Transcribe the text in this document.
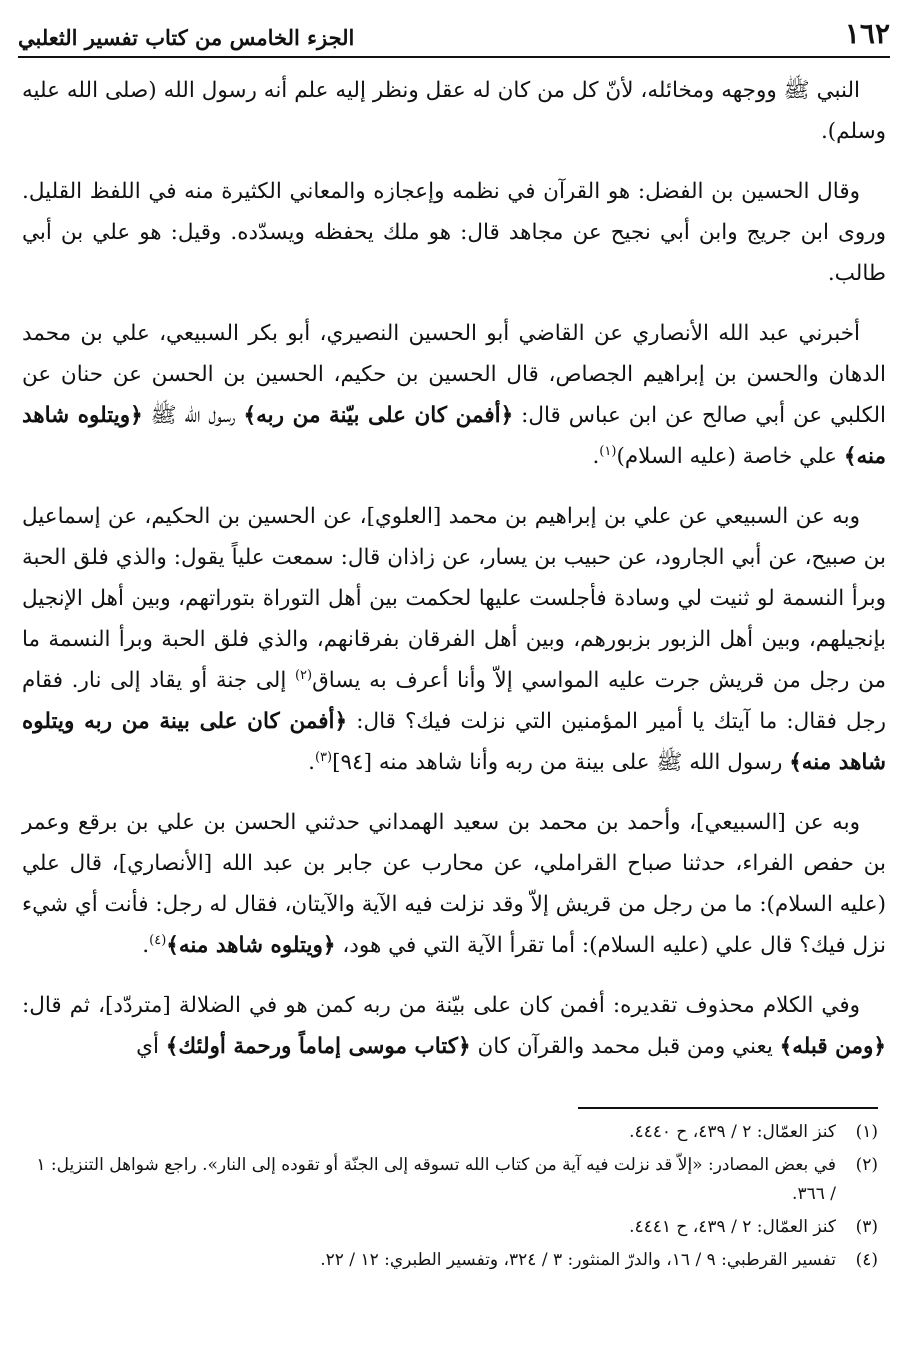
١٦٢
الجزء الخامس من كتاب تفسير الثعلبي

النبي ﷺ ووجهه ومخائله، لأنّ كل من كان له عقل ونظر إليه علم أنه رسول الله (صلى الله عليه وسلم).

وقال الحسين بن الفضل: هو القرآن في نظمه وإعجازه والمعاني الكثيرة منه في اللفظ القليل. وروى ابن جريج وابن أبي نجيح عن مجاهد قال: هو ملك يحفظه ويسدّده. وقيل: هو علي بن أبي طالب.

أخبرني عبد الله الأنصاري عن القاضي أبو الحسين النصيري، أبو بكر السبيعي، علي بن محمد الدهان والحسن بن إبراهيم الجصاص، قال الحسين بن حكيم، الحسين بن الحسن عن حنان عن الكلبي عن أبي صالح عن ابن عباس قال: ﴿أفمن كان على بيّنة من ربه﴾ رسول الله ﷺ ﴿ويتلوه شاهد منه﴾ علي خاصة (عليه السلام)$^{(١)}$.

وبه عن السبيعي عن علي بن إبراهيم بن محمد [العلوي]، عن الحسين بن الحكيم، عن إسماعيل بن صبيح، عن أبي الجارود، عن حبيب بن يسار، عن زاذان قال: سمعت علياً يقول: والذي فلق الحبة وبرأ النسمة لو ثنيت لي وسادة فأجلست عليها لحكمت بين أهل التوراة بتوراتهم، وبين أهل الإنجيل بإنجيلهم، وبين أهل الزبور بزبورهم، وبين أهل الفرقان بفرقانهم، والذي فلق الحبة وبرأ النسمة ما من رجل من قريش جرت عليه المواسي إلاّ وأنا أعرف به يساق$^{(٢)}$ إلى جنة أو يقاد إلى نار. فقام رجل فقال: ما آيتك يا أمير المؤمنين التي نزلت فيك؟ قال: ﴿أفمن كان على بينة من ربه ويتلوه شاهد منه﴾ رسول الله ﷺ على بينة من ربه وأنا شاهد منه [٩٤]$^{(٣)}$.

وبه عن [السبيعي]، وأحمد بن محمد بن سعيد الهمداني حدثني الحسن بن علي بن برقع وعمر بن حفص الفراء، حدثنا صباح القراملي، عن محارب عن جابر بن عبد الله [الأنصاري]، قال علي (عليه السلام): ما من رجل من قريش إلاّ وقد نزلت فيه الآية والآيتان، فقال له رجل: فأنت أي شيء نزل فيك؟ قال علي (عليه السلام): أما تقرأ الآية التي في هود، ﴿ويتلوه شاهد منه﴾$^{(٤)}$.

وفي الكلام محذوف تقديره: أفمن كان على بيّنة من ربه كمن هو في الضلالة [متردّد]، ثم قال: ﴿ومن قبله﴾ يعني ومن قبل محمد والقرآن كان ﴿كتاب موسى إماماً ورحمة أولئك﴾ أي

(١)
كنز العمّال: ٢ / ٤٣٩، ح ٤٤٤٠.
(٢)
في بعض المصادر: «إلاّ قد نزلت فيه آية من كتاب الله تسوقه إلى الجنّة أو تقوده إلى النار». راجع شواهل التنزيل: ١ / ٣٦٦.
(٣)
كنز العمّال: ٢ / ٤٣٩، ح ٤٤٤١.
(٤)
تفسير القرطبي: ٩ / ١٦، والدرّ المنثور: ٣ / ٣٢٤، وتفسير الطبري: ١٢ / ٢٢.
